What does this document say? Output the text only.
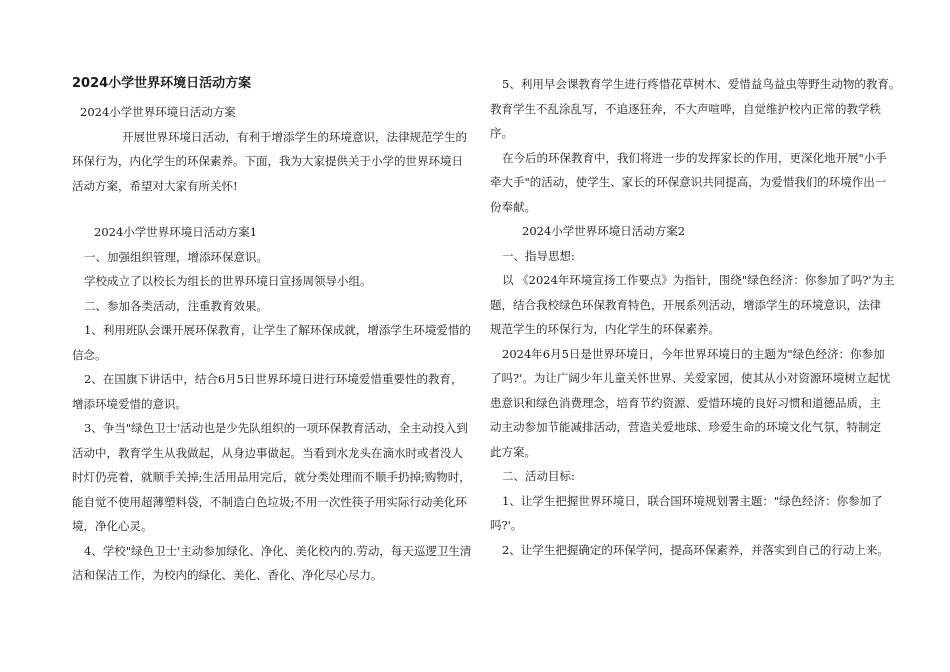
2024小学世界环境日活动方案
2024小学世界环境日活动方案
开展世界环境日活动，有利于增添学生的环境意识，法律规范学生的
环保行为，内化学生的环保素养。下面，我为大家提供关于小学的世界环境日
活动方案，希望对大家有所关怀!
2024小学世界环境日活动方案1
一、加强组织管理，增添环保意识。
学校成立了以校长为组长的世界环境日宣扬周领导小组。
二、参加各类活动，注重教育效果。
1、利用班队会课开展环保教育，让学生了解环保成就，增添学生环境爱惜的
信念。
2、在国旗下讲话中，结合6月5日世界环境日进行环境爱惜重要性的教育，
增添环境爱惜的意识。
3、争当"绿色卫士'活动也是少先队组织的一项环保教育活动，全主动投入到
活动中，教育学生从我做起，从身边事做起。当看到水龙头在滴水时或者没人
时灯仍亮着，就顺手关掉;生活用品用完后，就分类处理而不顺手扔掉;购物时，
能自觉不使用超薄塑料袋，不制造白色垃圾;不用一次性筷子用实际行动美化环
境，净化心灵。
4、学校"绿色卫士'主动参加绿化、净化、美化校内的.劳动，每天巡逻卫生清
洁和保洁工作，为校内的绿化、美化、香化、净化尽心尽力。
5、利用早会课教育学生进行疼惜花草树木、爱惜益鸟益虫等野生动物的教育。
教育学生不乱涂乱写，不追逐狂奔，不大声喧哗，自觉维护校内正常的教学秩
序。
在今后的环保教育中，我们将进一步的发挥家长的作用，更深化地开展"小手
牵大手"的活动，使学生、家长的环保意识共同提高，为爱惜我们的环境作出一
份奉献。
2024小学世界环境日活动方案2
一、指导思想:
以 《2024年环境宣扬工作要点》为指针，围绕"绿色经济：你参加了吗?'为主
题，结合我校绿色环保教育特色，开展系列活动，增添学生的环境意识，法律
规范学生的环保行为，内化学生的环保素养。
2024年6月5日是世界环境日，今年世界环境日的主题为"绿色经济：你参加
了吗?'。为让广阔少年儿童关怀世界、关爱家园，使其从小对资源环境树立起忧
患意识和绿色消费理念，培育节约资源、爱惜环境的良好习惯和道德品质，主
动主动参加节能减排活动，营造关爱地球、珍爱生命的环境文化气氛，特制定
此方案。
二、活动目标:
1、让学生把握世界环境日，联合国环境规划署主题："绿色经济：你参加了
吗?'。
2、让学生把握确定的环保学问，提高环保素养，并落实到自己的行动上来。
